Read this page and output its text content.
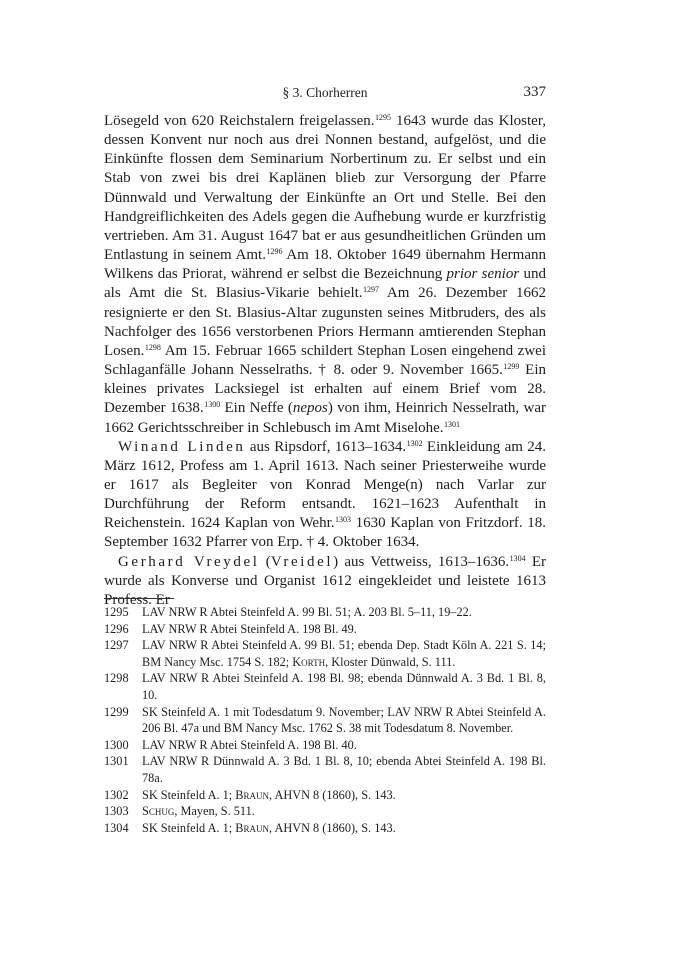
§ 3. Chorherren	337

Lösegeld von 620 Reichstalern freigelassen.$^{1295}$ 1643 wurde das Kloster, dessen Konvent nur noch aus drei Nonnen bestand, aufgelöst, und die Einkünfte flossen dem Seminarium Norbertinum zu. Er selbst und ein Stab von zwei bis drei Kaplänen blieb zur Versorgung der Pfarre Dünnwald und Verwaltung der Einkünfte an Ort und Stelle. Bei den Handgreiflichkeiten des Adels gegen die Aufhebung wurde er kurzfristig vertrieben. Am 31. August 1647 bat er aus gesundheitlichen Gründen um Entlastung in seinem Amt.$^{1296}$ Am 18. Oktober 1649 übernahm Hermann Wilkens das Priorat, während er selbst die Bezeichnung prior senior und als Amt die St. Blasius-Vikarie behielt.$^{1297}$ Am 26. Dezember 1662 resignierte er den St. Blasius-Altar zugunsten seines Mitbruders, des als Nachfolger des 1656 verstorbenen Priors Hermann amtierenden Stephan Losen.$^{1298}$ Am 15. Februar 1665 schildert Stephan Losen eingehend zwei Schlaganfälle Johann Nesselraths. † 8. oder 9. November 1665.$^{1299}$ Ein kleines privates Lacksiegel ist erhalten auf einem Brief vom 28. Dezember 1638.$^{1300}$ Ein Neffe (nepos) von ihm, Heinrich Nesselrath, war 1662 Gerichtsschreiber in Schlebusch im Amt Miselohe.$^{1301}$

Winand Linden aus Ripsdorf, 1613–1634.$^{1302}$ Einkleidung am 24. März 1612, Profess am 1. April 1613. Nach seiner Priesterweihe wurde er 1617 als Begleiter von Konrad Menge(n) nach Varlar zur Durchführung der Reform entsandt. 1621–1623 Aufenthalt in Reichenstein. 1624 Kaplan von Wehr.$^{1303}$ 1630 Kaplan von Fritzdorf. 18. September 1632 Pfarrer von Erp. † 4. Oktober 1634.

Gerhard Vreydel (Vreidel) aus Vettweiss, 1613–1636.$^{1304}$ Er wurde als Konverse und Organist 1612 eingekleidet und leistete 1613 Profess. Er

1295	LAV NRW R Abtei Steinfeld A. 99 Bl. 51; A. 203 Bl. 5–11, 19–22.
1296	LAV NRW R Abtei Steinfeld A. 198 Bl. 49.
1297	LAV NRW R Abtei Steinfeld A. 99 Bl. 51; ebenda Dep. Stadt Köln A. 221 S. 14; BM Nancy Msc. 1754 S. 182; Korth, Kloster Dünwald, S. 111.
1298	LAV NRW R Abtei Steinfeld A. 198 Bl. 98; ebenda Dünnwald A. 3 Bd. 1 Bl. 8, 10.
1299	SK Steinfeld A. 1 mit Todesdatum 9. November; LAV NRW R Abtei Steinfeld A. 206 Bl. 47a und BM Nancy Msc. 1762 S. 38 mit Todesdatum 8. November.
1300	LAV NRW R Abtei Steinfeld A. 198 Bl. 40.
1301	LAV NRW R Dünnwald A. 3 Bd. 1 Bl. 8, 10; ebenda Abtei Steinfeld A. 198 Bl. 78a.
1302	SK Steinfeld A. 1; Braun, AHVN 8 (1860), S. 143.
1303	Schug, Mayen, S. 511.
1304	SK Steinfeld A. 1; Braun, AHVN 8 (1860), S. 143.
